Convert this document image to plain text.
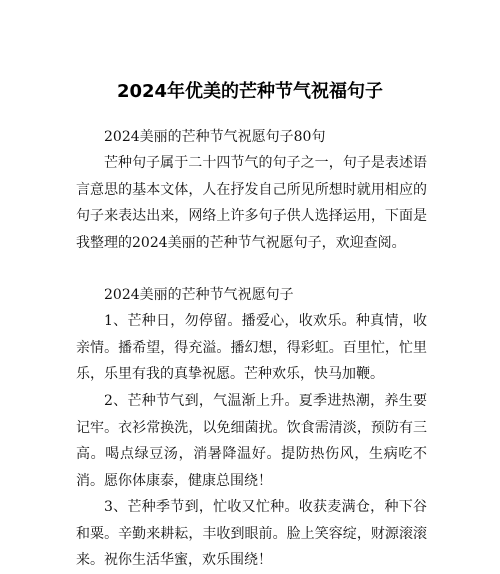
2024年优美的芒种节气祝福句子

2024美丽的芒种节气祝愿句子80句

芒种句子属于二十四节气的句子之一，句子是表述语言意思的基本文体，人在抒发自己所见所想时就用相应的句子来表达出来，网络上许多句子供人选择运用，下面是我整理的2024美丽的芒种节气祝愿句子，欢迎查阅。

2024美丽的芒种节气祝愿句子

1、芒种日，勿停留。播爱心，收欢乐。种真情，收亲情。播希望，得充溢。播幻想，得彩虹。百里忙，忙里乐，乐里有我的真挚祝愿。芒种欢乐，快马加鞭。

2、芒种节气到，气温渐上升。夏季进热潮，养生要记牢。衣衫常换洗，以免细菌扰。饮食需清淡，预防有三高。喝点绿豆汤，消暑降温好。提防热伤风，生病吃不消。愿你体康泰，健康总围绕！

3、芒种季节到，忙收又忙种。收获麦满仓，种下谷和粟。辛勤来耕耘，丰收到眼前。脸上笑容绽，财源滚滚来。祝你生活华蜜，欢乐围绕！
